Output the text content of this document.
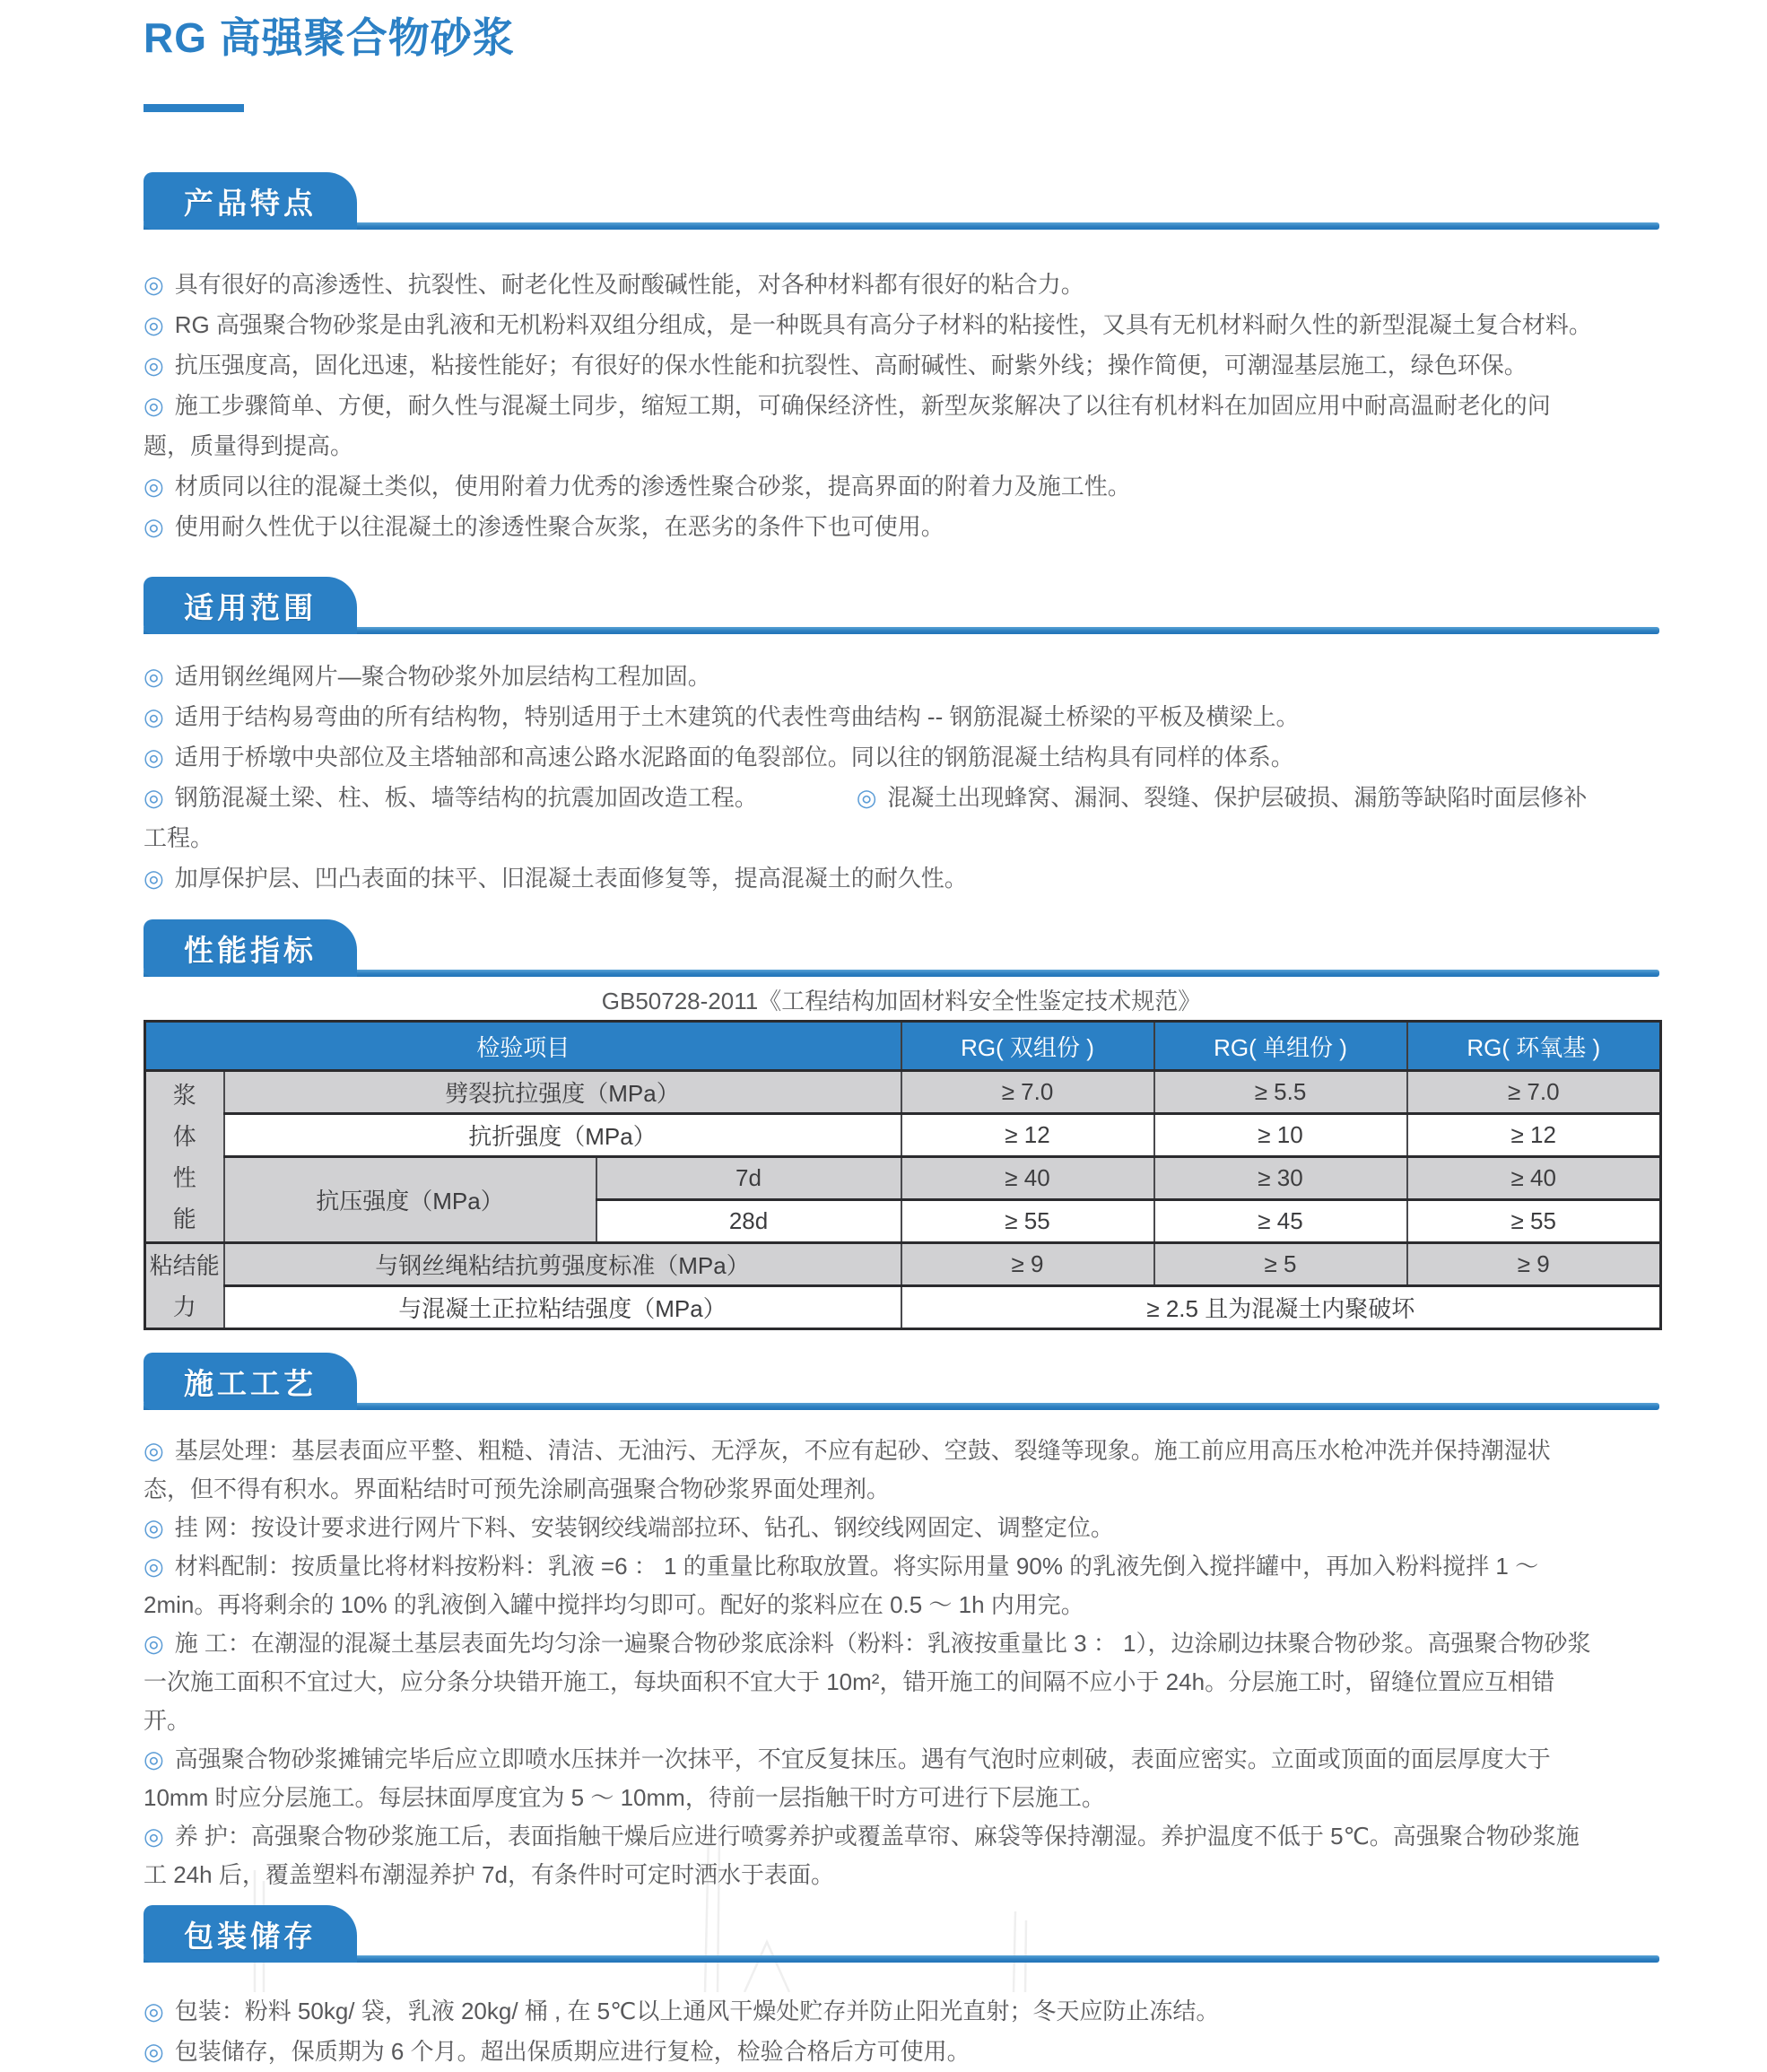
RG 高强聚合物砂浆
产品特点
◎ 具有很好的高渗透性、抗裂性、耐老化性及耐酸碱性能，对各种材料都有很好的粘合力。
◎ RG 高强聚合物砂浆是由乳液和无机粉料双组分组成，是一种既具有高分子材料的粘接性，又具有无机材料耐久性的新型混凝土复合材料。
◎ 抗压强度高，固化迅速，粘接性能好；有很好的保水性能和抗裂性、高耐碱性、耐紫外线；操作简便，可潮湿基层施工，绿色环保。
◎ 施工步骤简单、方便，耐久性与混凝土同步，缩短工期，可确保经济性，新型灰浆解决了以往有机材料在加固应用中耐高温耐老化的问题，质量得到提高。
◎ 材质同以往的混凝土类似，使用附着力优秀的渗透性聚合砂浆，提高界面的附着力及施工性。
◎ 使用耐久性优于以往混凝土的渗透性聚合灰浆，在恶劣的条件下也可使用。
适用范围
◎ 适用钢丝绳网片—聚合物砂浆外加层结构工程加固。
◎ 适用于结构易弯曲的所有结构物，特别适用于土木建筑的代表性弯曲结构 -- 钢筋混凝土桥梁的平板及横梁上。
◎ 适用于桥墩中央部位及主塔轴部和高速公路水泥路面的龟裂部位。同以往的钢筋混凝土结构具有同样的体系。
◎ 钢筋混凝土梁、柱、板、墙等结构的抗震加固改造工程。	◎ 混凝土出现蜂窝、漏洞、裂缝、保护层破损、漏筋等缺陷时面层修补工程。
◎ 加厚保护层、凹凸表面的抹平、旧混凝土表面修复等，提高混凝土的耐久性。
性能指标
GB50728-2011《工程结构加固材料安全性鉴定技术规范》
检验项目			RG( 双组份 )	RG( 单组份 )	RG( 环氧基 )

浆
体
性
能	劈裂抗拉强度（MPa）		≥ 7.0	≥ 5.5	≥ 7.0
	抗折强度（MPa）		≥ 12	≥ 10	≥ 12
	抗压强度（MPa）	7d	≥ 40	≥ 30	≥ 40
		28d	≥ 55	≥ 45	≥ 55

粘结能
力	与钢丝绳粘结抗剪强度标准（MPa）		≥ 9	≥ 5	≥ 9
	与混凝土正拉粘结强度（MPa）		≥ 2.5 且为混凝土内聚破坏		
施工工艺
◎ 基层处理：基层表面应平整、粗糙、清洁、无油污、无浮灰，不应有起砂、空鼓、裂缝等现象。施工前应用高压水枪冲洗并保持潮湿状态，但不得有积水。界面粘结时可预先涂刷高强聚合物砂浆界面处理剂。
◎ 挂 网：按设计要求进行网片下料、安装钢绞线端部拉环、钻孔、钢绞线网固定、调整定位。
◎ 材料配制：按质量比将材料按粉料：乳液 =6 ： 1 的重量比称取放置。将实际用量 90% 的乳液先倒入搅拌罐中，再加入粉料搅拌 1 ～ 2min。再将剩余的 10% 的乳液倒入罐中搅拌均匀即可。配好的浆料应在 0.5 ～ 1h 内用完。
◎ 施 工：在潮湿的混凝土基层表面先均匀涂一遍聚合物砂浆底涂料（粉料：乳液按重量比 3 ： 1），边涂刷边抹聚合物砂浆。高强聚合物砂浆一次施工面积不宜过大，应分条分块错开施工，每块面积不宜大于 10m²，错开施工的间隔不应小于 24h。分层施工时，留缝位置应互相错开。
◎ 高强聚合物砂浆摊铺完毕后应立即喷水压抹并一次抹平，不宜反复抹压。遇有气泡时应刺破，表面应密实。立面或顶面的面层厚度大于 10mm 时应分层施工。每层抹面厚度宜为 5 ～ 10mm，待前一层指触干时方可进行下层施工。
◎ 养 护：高强聚合物砂浆施工后，表面指触干燥后应进行喷雾养护或覆盖草帘、麻袋等保持潮湿。养护温度不低于 5℃。高强聚合物砂浆施工 24h 后，覆盖塑料布潮湿养护 7d，有条件时可定时洒水于表面。
包装储存
◎ 包装：粉料 50kg/ 袋，乳液 20kg/ 桶 , 在 5℃以上通风干燥处贮存并防止阳光直射；冬天应防止冻结。
◎ 包装储存，保质期为 6 个月。超出保质期应进行复检，检验合格后方可使用。
